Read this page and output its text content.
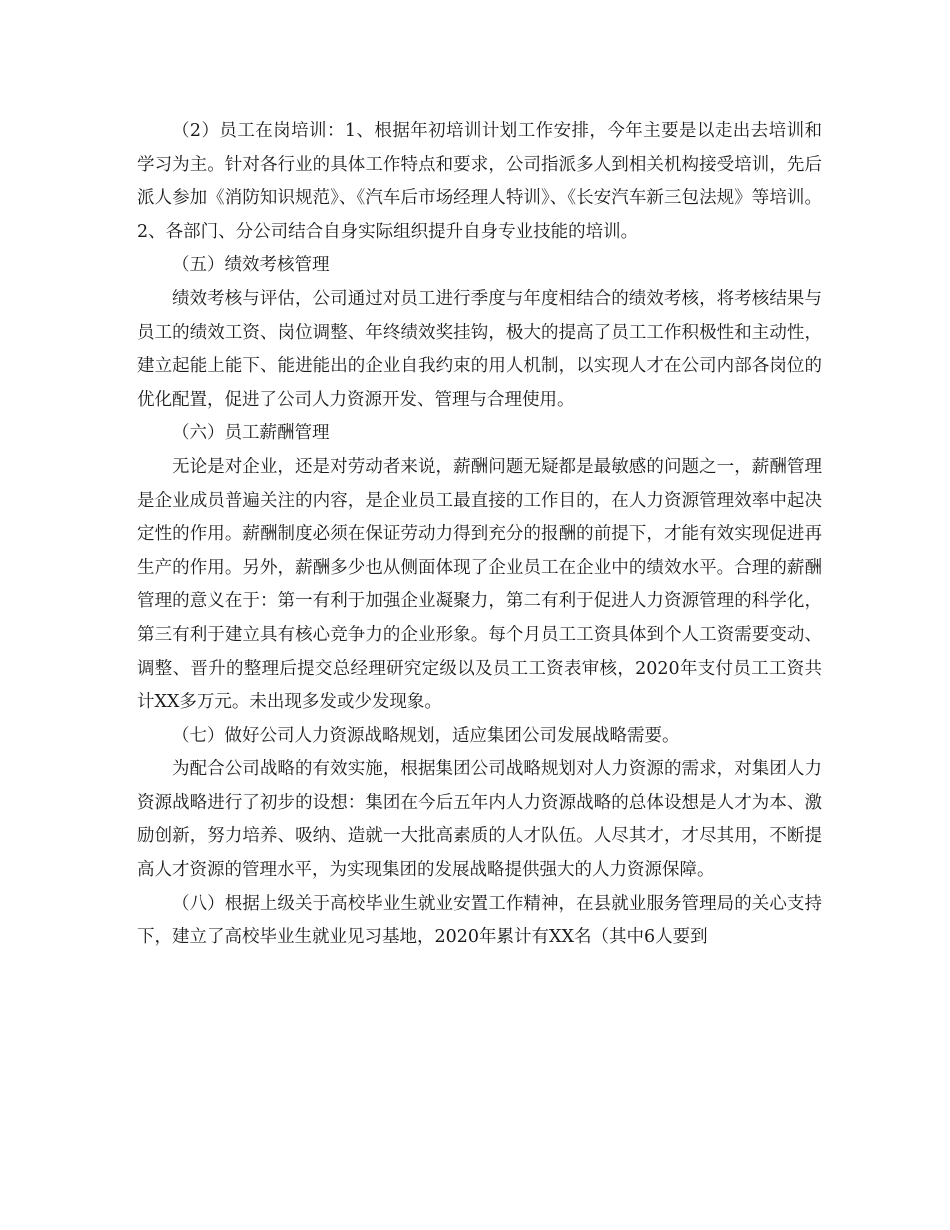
（2）员工在岗培训：1、根据年初培训计划工作安排，今年主要是以走出去培训和学习为主。针对各行业的具体工作特点和要求，公司指派多人到相关机构接受培训，先后派人参加《消防知识规范》、《汽车后市场经理人特训》、《长安汽车新三包法规》等培训。2、各部门、分公司结合自身实际组织提升自身专业技能的培训。

（五）绩效考核管理

绩效考核与评估，公司通过对员工进行季度与年度相结合的绩效考核，将考核结果与员工的绩效工资、岗位调整、年终绩效奖挂钩，极大的提高了员工工作积极性和主动性，建立起能上能下、能进能出的企业自我约束的用人机制，以实现人才在公司内部各岗位的优化配置，促进了公司人力资源开发、管理与合理使用。

（六）员工薪酬管理

无论是对企业，还是对劳动者来说，薪酬问题无疑都是最敏感的问题之一，薪酬管理是企业成员普遍关注的内容，是企业员工最直接的工作目的，在人力资源管理效率中起决定性的作用。薪酬制度必须在保证劳动力得到充分的报酬的前提下，才能有效实现促进再生产的作用。另外，薪酬多少也从侧面体现了企业员工在企业中的绩效水平。合理的薪酬管理的意义在于：第一有利于加强企业凝聚力，第二有利于促进人力资源管理的科学化，第三有利于建立具有核心竞争力的企业形象。每个月员工工资具体到个人工资需要变动、调整、晋升的整理后提交总经理研究定级以及员工工资表审核，2020年支付员工工资共计XX多万元。未出现多发或少发现象。

（七）做好公司人力资源战略规划，适应集团公司发展战略需要。

为配合公司战略的有效实施，根据集团公司战略规划对人力资源的需求，对集团人力资源战略进行了初步的设想：集团在今后五年内人力资源战略的总体设想是人才为本、激励创新，努力培养、吸纳、造就一大批高素质的人才队伍。人尽其才，才尽其用，不断提高人才资源的管理水平，为实现集团的发展战略提供强大的人力资源保障。

（八）根据上级关于高校毕业生就业安置工作精神，在县就业服务管理局的关心支持下，建立了高校毕业生就业见习基地，2020年累计有XX名（其中6人要到
